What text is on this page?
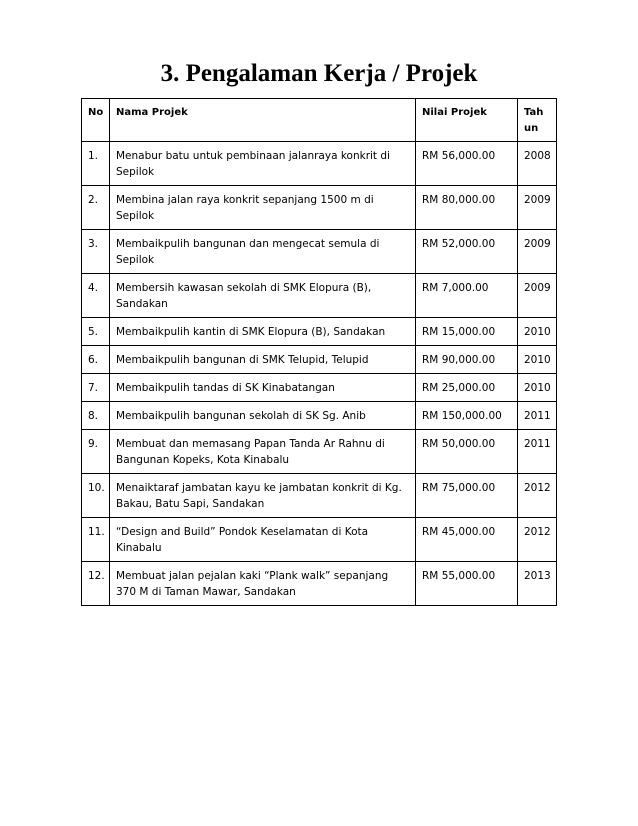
3. Pengalaman Kerja / Projek
No	Nama Projek	Nilai Projek	Tahun

1.	Menabur batu untuk pembinaan jalanraya konkrit di Sepilok	RM 56,000.00	2008
2.	Membina jalan raya konkrit sepanjang 1500 m di Sepilok	RM 80,000.00	2009
3.	Membaikpulih bangunan dan mengecat semula di Sepilok	RM 52,000.00	2009
4.	Membersih kawasan sekolah di SMK Elopura (B), Sandakan	RM 7,000.00	2009
5.	Membaikpulih kantin di SMK Elopura (B), Sandakan	RM 15,000.00	2010
6.	Membaikpulih bangunan di SMK Telupid, Telupid	RM 90,000.00	2010
7.	Membaikpulih tandas di SK Kinabatangan	RM 25,000.00	2010
8.	Membaikpulih bangunan sekolah di SK Sg. Anib	RM 150,000.00	2011
9.	Membuat dan memasang Papan Tanda Ar Rahnu di Bangunan Kopeks, Kota Kinabalu	RM 50,000.00	2011
10.	Menaiktaraf jambatan kayu ke jambatan konkrit di Kg. Bakau, Batu Sapi, Sandakan	RM 75,000.00	2012
11.	“Design and Build” Pondok Keselamatan di Kota Kinabalu	RM 45,000.00	2012
12.	Membuat jalan pejalan kaki “Plank walk” sepanjang 370 M di Taman Mawar, Sandakan	RM 55,000.00	2013
